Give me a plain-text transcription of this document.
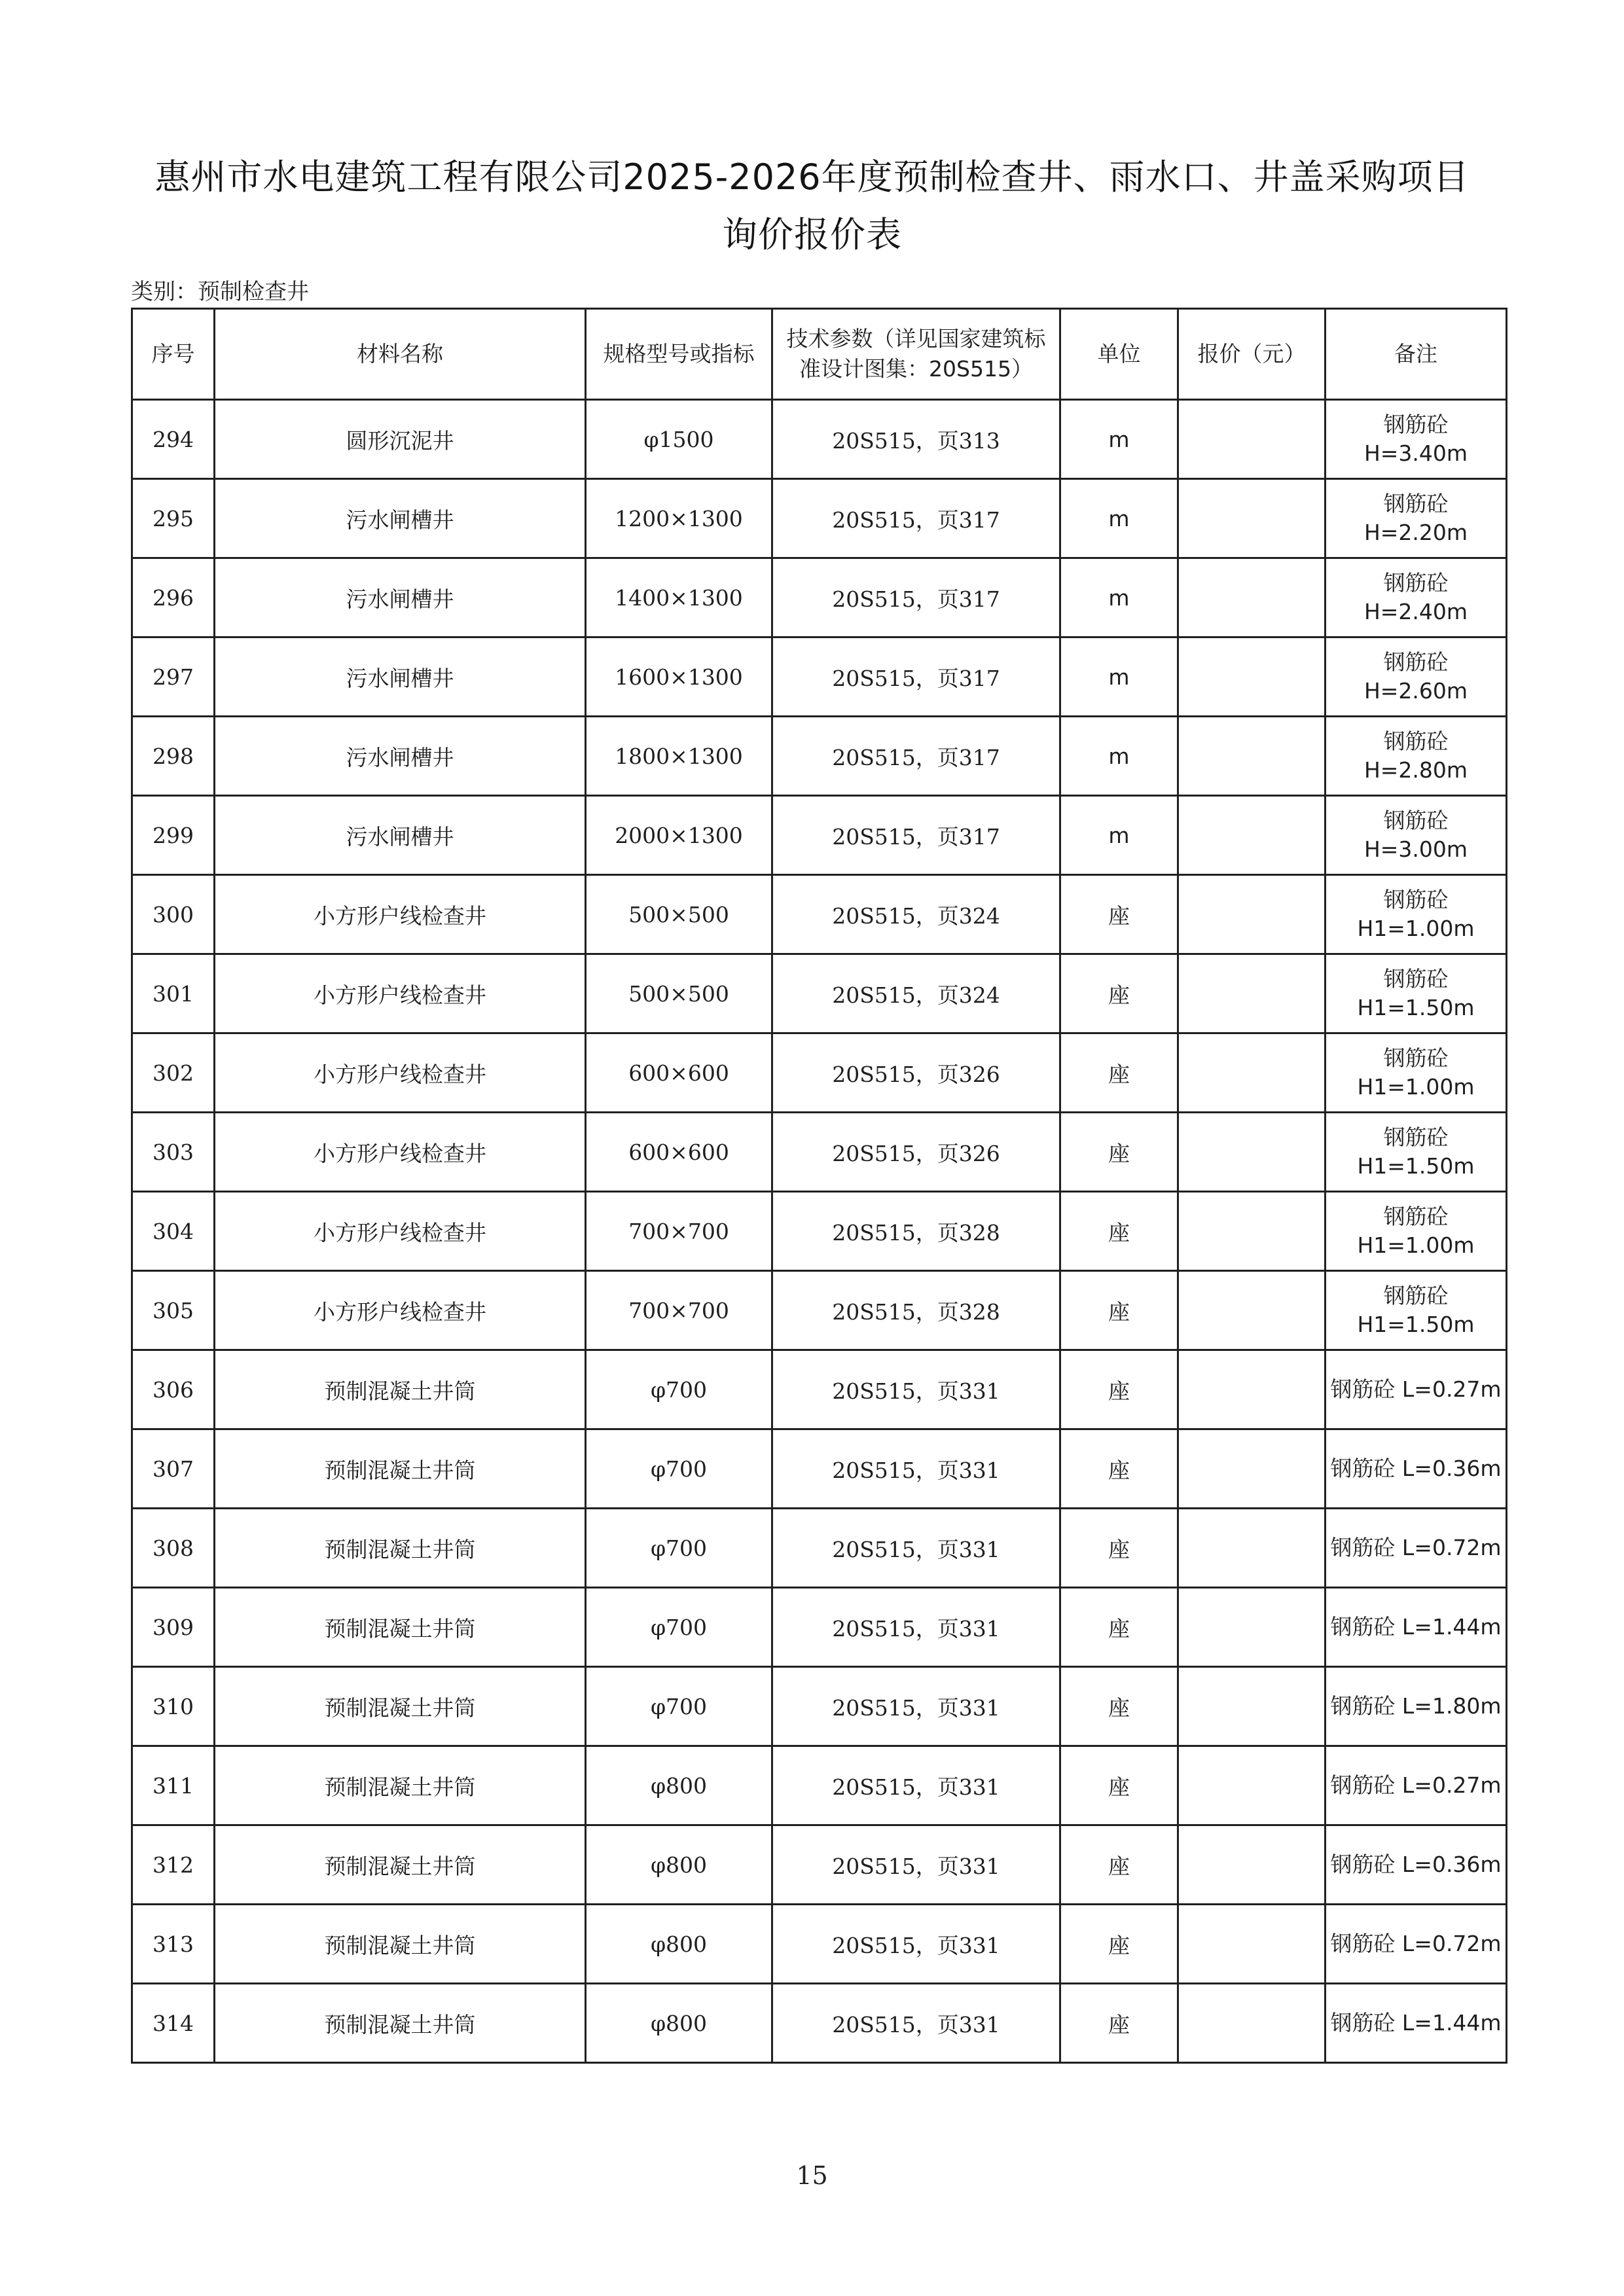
惠州市水电建筑工程有限公司2025-2026年度预制检查井、雨水口、井盖采购项目
询价报价表
类别：预制检查井
序号	材料名称	规格型号或指标	技术参数（详见国家建筑标准设计图集：20S515）	单位	报价（元）	备注
294	圆形沉泥井	φ1500	20S515，页313	m		钢筋砼 H=3.40m
295	污水闸槽井	1200×1300	20S515，页317	m		钢筋砼 H=2.20m
296	污水闸槽井	1400×1300	20S515，页317	m		钢筋砼 H=2.40m
297	污水闸槽井	1600×1300	20S515，页317	m		钢筋砼 H=2.60m
298	污水闸槽井	1800×1300	20S515，页317	m		钢筋砼 H=2.80m
299	污水闸槽井	2000×1300	20S515，页317	m		钢筋砼 H=3.00m
300	小方形户线检查井	500×500	20S515，页324	座		钢筋砼 H1=1.00m
301	小方形户线检查井	500×500	20S515，页324	座		钢筋砼 H1=1.50m
302	小方形户线检查井	600×600	20S515，页326	座		钢筋砼 H1=1.00m
303	小方形户线检查井	600×600	20S515，页326	座		钢筋砼 H1=1.50m
304	小方形户线检查井	700×700	20S515，页328	座		钢筋砼 H1=1.00m
305	小方形户线检查井	700×700	20S515，页328	座		钢筋砼 H1=1.50m
306	预制混凝土井筒	φ700	20S515，页331	座		钢筋砼 L=0.27m
307	预制混凝土井筒	φ700	20S515，页331	座		钢筋砼 L=0.36m
308	预制混凝土井筒	φ700	20S515，页331	座		钢筋砼 L=0.72m
309	预制混凝土井筒	φ700	20S515，页331	座		钢筋砼 L=1.44m
310	预制混凝土井筒	φ700	20S515，页331	座		钢筋砼 L=1.80m
311	预制混凝土井筒	φ800	20S515，页331	座		钢筋砼 L=0.27m
312	预制混凝土井筒	φ800	20S515，页331	座		钢筋砼 L=0.36m
313	预制混凝土井筒	φ800	20S515，页331	座		钢筋砼 L=0.72m
314	预制混凝土井筒	φ800	20S515，页331	座		钢筋砼 L=1.44m
15
